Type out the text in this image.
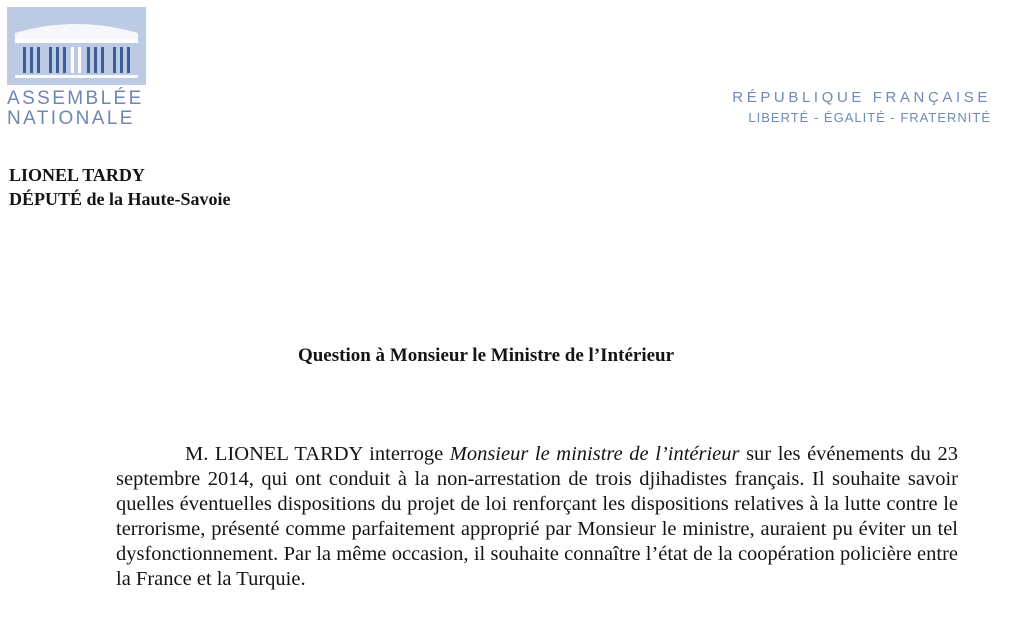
ASSEMBLÉE
NATIONALE
RÉPUBLIQUE FRANÇAISE
LIBERTÉ - ÉGALITÉ - FRATERNITÉ
LIONEL TARDY
DÉPUTÉ de la Haute-Savoie
Question à Monsieur le Ministre de l’Intérieur

M. LIONEL TARDY interroge Monsieur le ministre de l’intérieur sur les événements du 23 septembre 2014, qui ont conduit à la non-arrestation de trois djihadistes français. Il souhaite savoir quelles éventuelles dispositions du projet de loi renforçant les dispositions relatives à la lutte contre le terrorisme, présenté comme parfaitement approprié par Monsieur le ministre, auraient pu éviter un tel dysfonctionnement. Par la même occasion, il souhaite connaître l’état de la coopération policière entre la France et la Turquie.
